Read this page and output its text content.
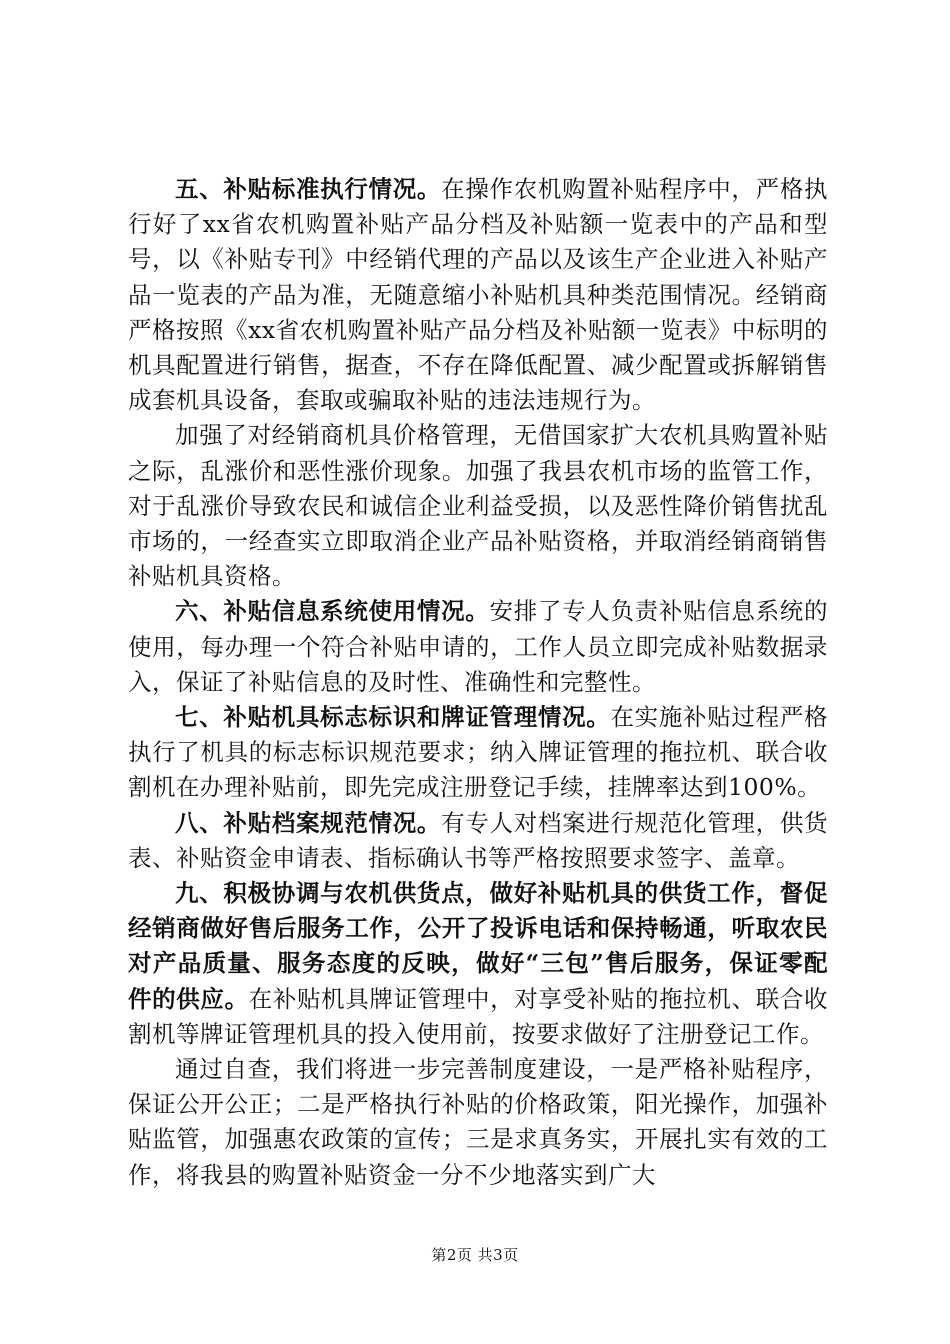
五、补贴标准执行情况。在操作农机购置补贴程序中，严格执行好了xx省农机购置补贴产品分档及补贴额一览表中的产品和型号，以《补贴专刊》中经销代理的产品以及该生产企业进入补贴产品一览表的产品为准，无随意缩小补贴机具种类范围情况。经销商严格按照《xx省农机购置补贴产品分档及补贴额一览表》中标明的机具配置进行销售，据查，不存在降低配置、减少配置或拆解销售成套机具设备，套取或骗取补贴的违法违规行为。

加强了对经销商机具价格管理，无借国家扩大农机具购置补贴之际，乱涨价和恶性涨价现象。加强了我县农机市场的监管工作，对于乱涨价导致农民和诚信企业利益受损，以及恶性降价销售扰乱市场的，一经查实立即取消企业产品补贴资格，并取消经销商销售补贴机具资格。

六、补贴信息系统使用情况。安排了专人负责补贴信息系统的使用，每办理一个符合补贴申请的，工作人员立即完成补贴数据录入，保证了补贴信息的及时性、准确性和完整性。

七、补贴机具标志标识和牌证管理情况。在实施补贴过程严格执行了机具的标志标识规范要求；纳入牌证管理的拖拉机、联合收割机在办理补贴前，即先完成注册登记手续，挂牌率达到100%。

八、补贴档案规范情况。有专人对档案进行规范化管理，供货表、补贴资金申请表、指标确认书等严格按照要求签字、盖章。

九、积极协调与农机供货点，做好补贴机具的供货工作，督促经销商做好售后服务工作，公开了投诉电话和保持畅通，听取农民对产品质量、服务态度的反映，做好“三包”售后服务，保证零配件的供应。在补贴机具牌证管理中，对享受补贴的拖拉机、联合收割机等牌证管理机具的投入使用前，按要求做好了注册登记工作。

通过自查，我们将进一步完善制度建设，一是严格补贴程序，保证公开公正；二是严格执行补贴的价格政策，阳光操作，加强补贴监管，加强惠农政策的宣传；三是求真务实，开展扎实有效的工作，将我县的购置补贴资金一分不少地落实到广大

第2页 共3页
